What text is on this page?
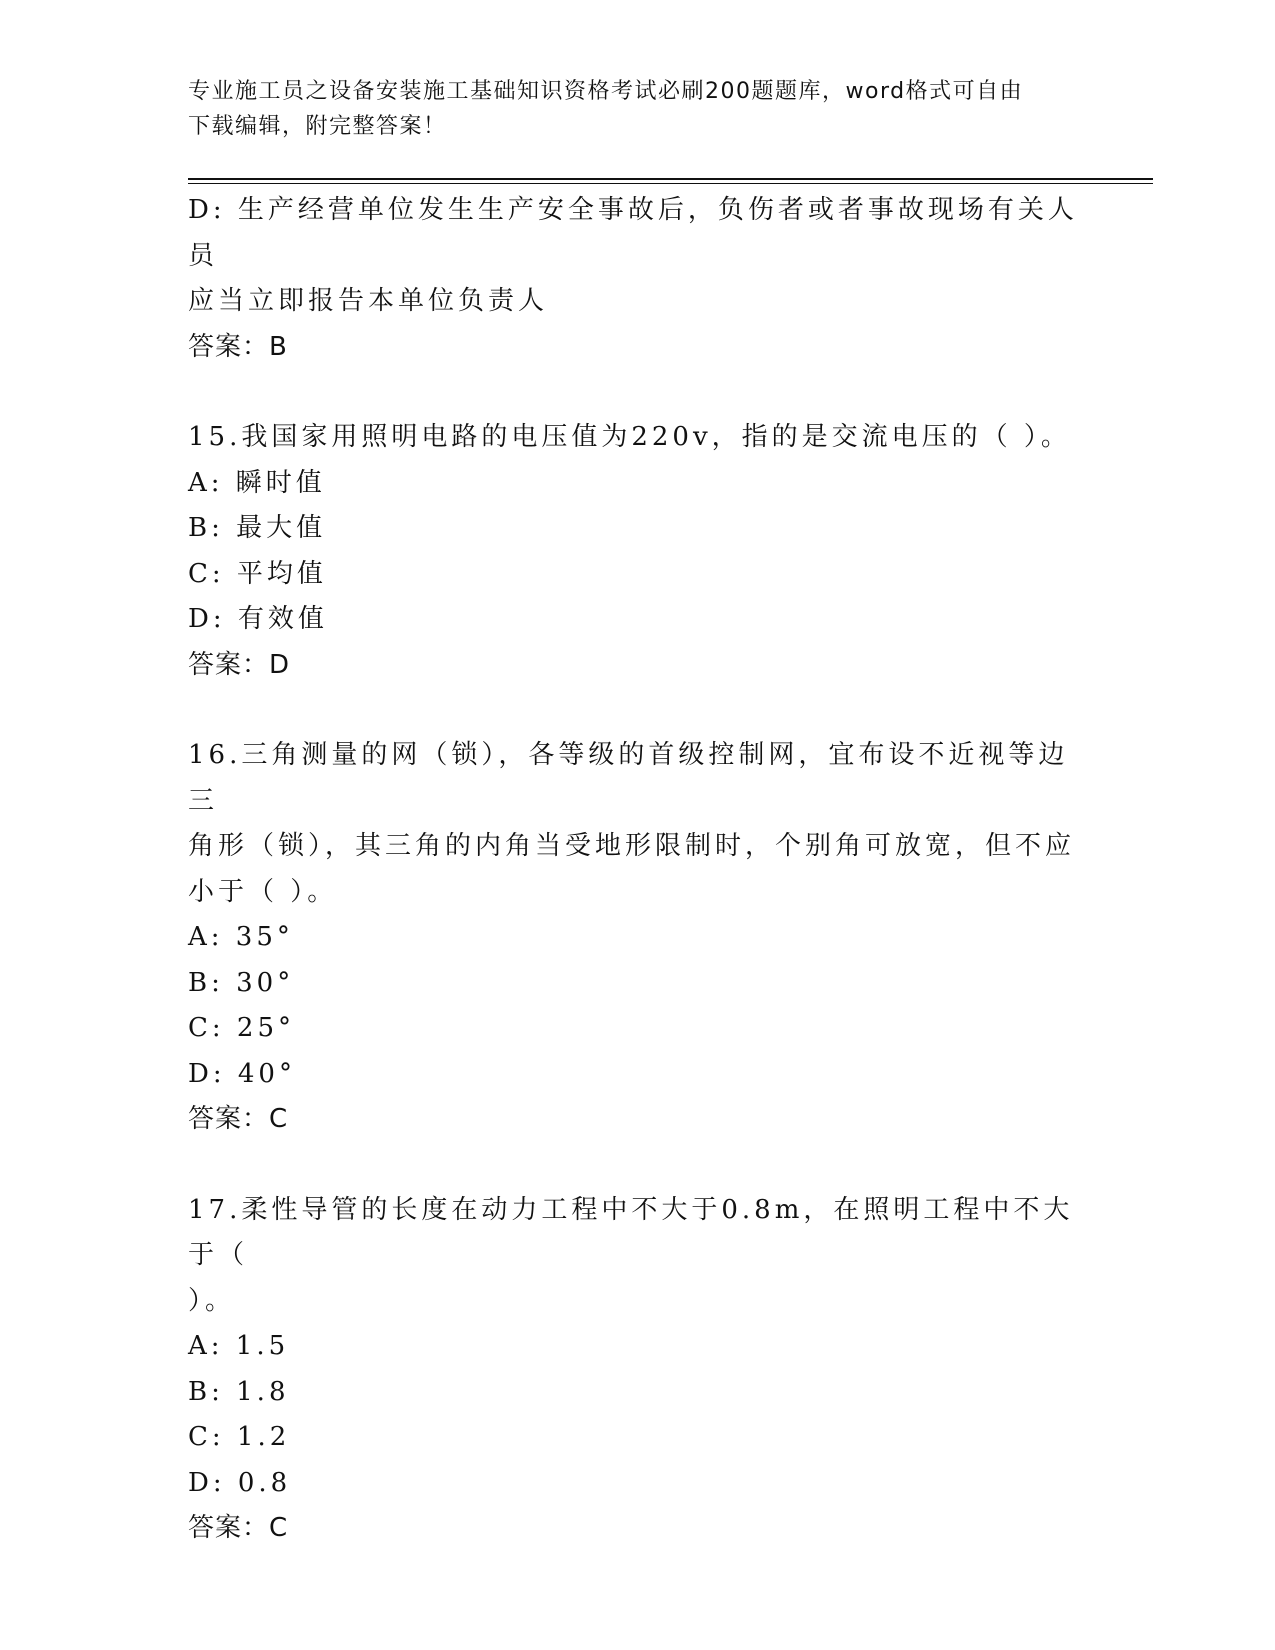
专业施工员之设备安装施工基础知识资格考试必刷200题题库，word格式可自由
下载编辑，附完整答案！
D: 生产经营单位发生生产安全事故后，负伤者或者事故现场有关人员
应当立即报告本单位负责人
答案：B
15.我国家用照明电路的电压值为220v，指的是交流电压的（ ）。
A: 瞬时值
B: 最大值
C: 平均值
D: 有效值
答案：D
16.三角测量的网（锁），各等级的首级控制网，宜布设不近视等边三
角形（锁），其三角的内角当受地形限制时，个别角可放宽，但不应
小于（ ）。
A: 35°
B: 30°
C: 25°
D: 40°
答案：C
17.柔性导管的长度在动力工程中不大于0.8m，在照明工程中不大于（
）。
A: 1.5
B: 1.8
C: 1.2
D: 0.8
答案：C
